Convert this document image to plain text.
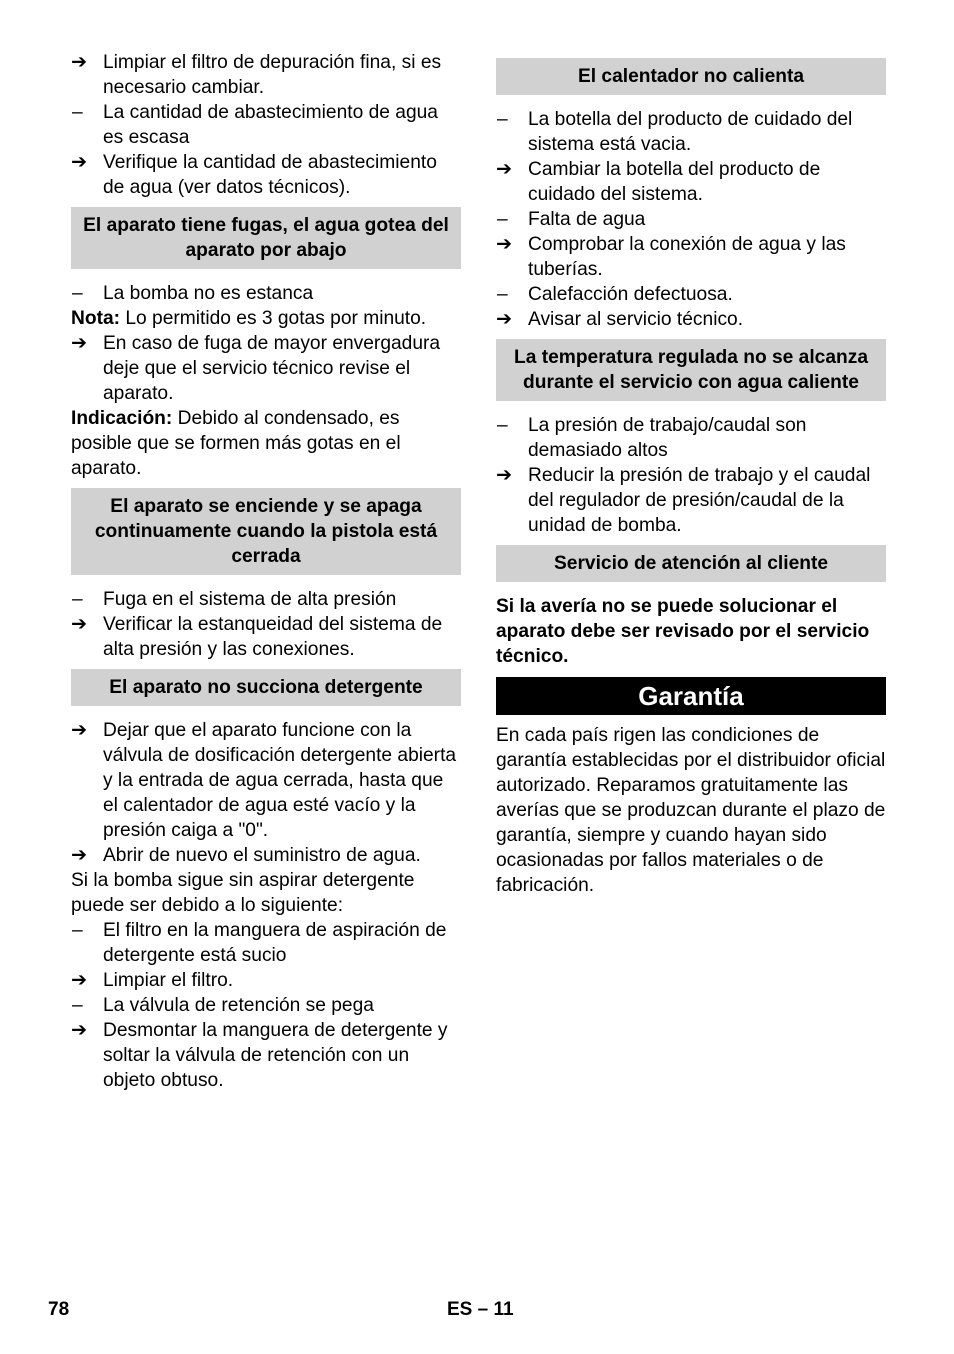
➔ Limpiar el filtro de depuración fina, si es necesario cambiar.
–	La cantidad de abastecimiento de agua es escasa
➔ Verifique la cantidad de abastecimiento de agua (ver datos técnicos).
El aparato tiene fugas, el agua gotea del aparato por abajo
–	La bomba no es estanca
Nota: Lo permitido es 3 gotas por minuto.
➔ En caso de fuga de mayor envergadura deje que el servicio técnico revise el aparato.
Indicación: Debido al condensado, es posible que se formen más gotas en el aparato.
El aparato se enciende y se apaga continuamente cuando la pistola está cerrada
–	Fuga en el sistema de alta presión
➔ Verificar la estanqueidad del sistema de alta presión y las conexiones.
El aparato no succiona detergente
➔ Dejar que el aparato funcione con la válvula de dosificación detergente abierta y la entrada de agua cerrada, hasta que el calentador de agua esté vacío y la presión caiga a "0".
➔ Abrir de nuevo el suministro de agua.
Si la bomba sigue sin aspirar detergente puede ser debido a lo siguiente:
–	El filtro en la manguera de aspiración de detergente está sucio
➔ Limpiar el filtro.
–	La válvula de retención se pega
➔ Desmontar la manguera de detergente y soltar la válvula de retención con un objeto obtuso.
El calentador no calienta
–	La botella del producto de cuidado del sistema está vacia.
➔ Cambiar la botella del producto de cuidado del sistema.
–	Falta de agua
➔ Comprobar la conexión de agua y las tuberías.
–	Calefacción defectuosa.
➔ Avisar al servicio técnico.
La temperatura regulada no se alcanza durante el servicio con agua caliente
–	La presión de trabajo/caudal son demasiado altos
➔ Reducir la presión de trabajo y el caudal del regulador de presión/caudal de la unidad de bomba.
Servicio de atención al cliente
Si la avería no se puede solucionar el aparato debe ser revisado por el servicio técnico.
Garantía
En cada país rigen las condiciones de garantía establecidas por el distribuidor oficial autorizado. Reparamos gratuitamente las averías que se produzcan durante el plazo de garantía, siempre y cuando hayan sido ocasionadas por fallos materiales o de fabricación.
78	ES – 11
